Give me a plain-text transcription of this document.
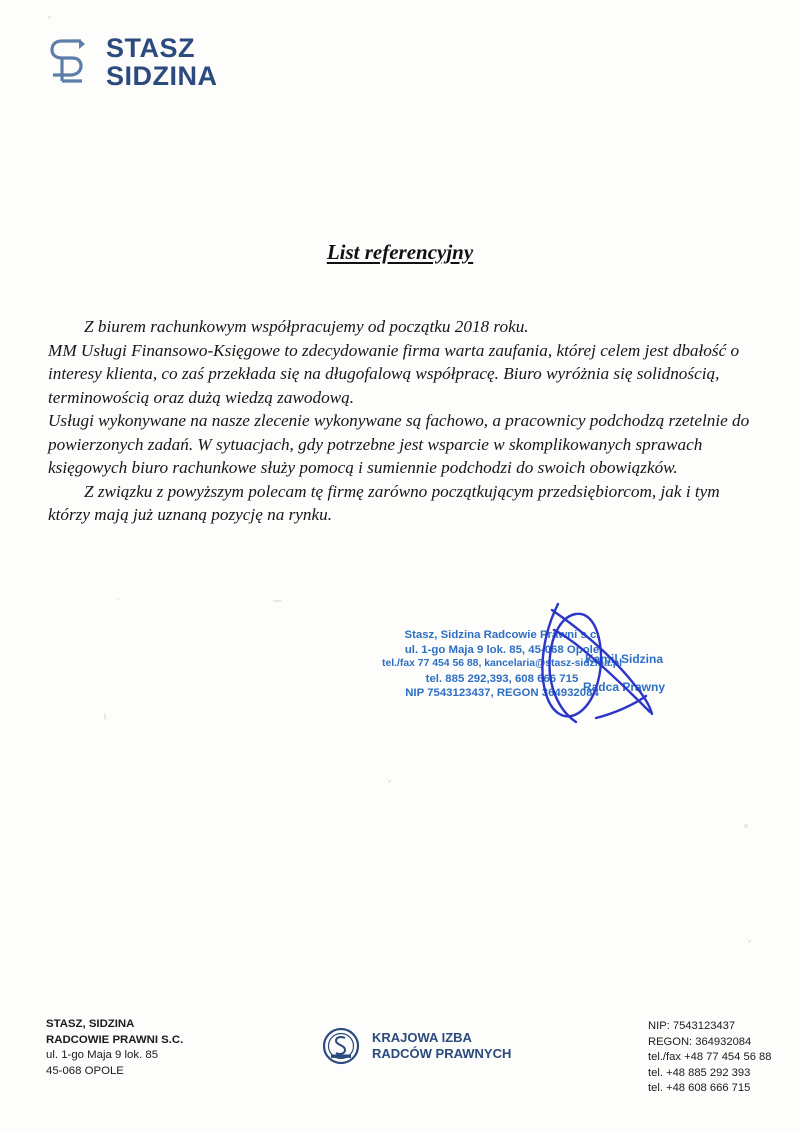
STASZ
SIDZINA
List referencyjny

Z biurem rachunkowym współpracujemy od początku 2018 roku.

MM Usługi Finansowo-Księgowe to zdecydowanie firma warta zaufania, której celem jest dbałość o interesy klienta, co zaś przekłada się na długofalową współpracę. Biuro wyróżnia się solidnością, terminowością oraz dużą wiedzą zawodową.

Usługi wykonywane na nasze zlecenie wykonywane są fachowo, a pracownicy podchodzą rzetelnie do powierzonych zadań. W sytuacjach, gdy potrzebne jest wsparcie w skomplikowanych sprawach księgowych biuro rachunkowe służy pomocą i sumiennie podchodzi do swoich obowiązków.

Z związku z powyższym polecam tę firmę zarówno początkującym przedsiębiorcom, jak i tym którzy mają już uznaną pozycję na rynku.

Stasz, Sidzina Radcowie Prawni s.c.
ul. 1-go Maja 9 lok. 85, 45-068 Opole
tel./fax 77 454 56 88, kancelaria@stasz-sidzina.pl
tel. 885 292,393, 608 666 715
NIP 7543123437, REGON 364932084
Kamil Sidzina
Radca Prawny
STASZ, SIDZINA
RADCOWIE PRAWNI S.C.
ul. 1-go Maja 9 lok. 85
45-068 OPOLE
KRAJOWA IZBA
RADCÓW PRAWNYCH
NIP: 7543123437
REGON: 364932084
tel./fax +48 77 454 56 88
tel. +48 885 292 393
tel. +48 608 666 715
